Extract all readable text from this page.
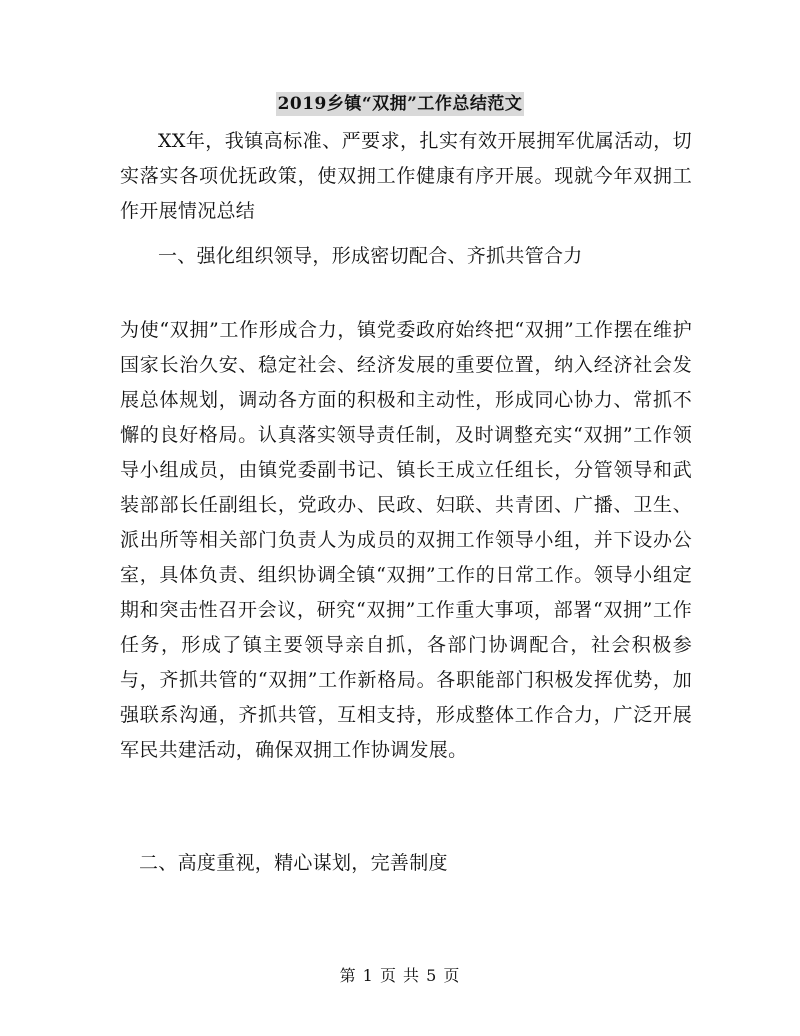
2019乡镇“双拥”工作总结范文

XX年，我镇高标准、严要求，扎实有效开展拥军优属活动，切实落实各项优抚政策，使双拥工作健康有序开展。现就今年双拥工作开展情况总结

一、强化组织领导，形成密切配合、齐抓共管合力

为使“双拥”工作形成合力，镇党委政府始终把“双拥”工作摆在维护国家长治久安、稳定社会、经济发展的重要位置，纳入经济社会发展总体规划，调动各方面的积极和主动性，形成同心协力、常抓不懈的良好格局。认真落实领导责任制，及时调整充实“双拥”工作领导小组成员，由镇党委副书记、镇长王成立任组长，分管领导和武装部部长任副组长，党政办、民政、妇联、共青团、广播、卫生、派出所等相关部门负责人为成员的双拥工作领导小组，并下设办公室，具体负责、组织协调全镇“双拥”工作的日常工作。领导小组定期和突击性召开会议，研究“双拥”工作重大事项，部署“双拥”工作任务，形成了镇主要领导亲自抓，各部门协调配合，社会积极参与，齐抓共管的“双拥”工作新格局。各职能部门积极发挥优势，加强联系沟通，齐抓共管，互相支持，形成整体工作合力，广泛开展军民共建活动，确保双拥工作协调发展。

二、高度重视，精心谋划，完善制度

第 1 页 共 5 页
